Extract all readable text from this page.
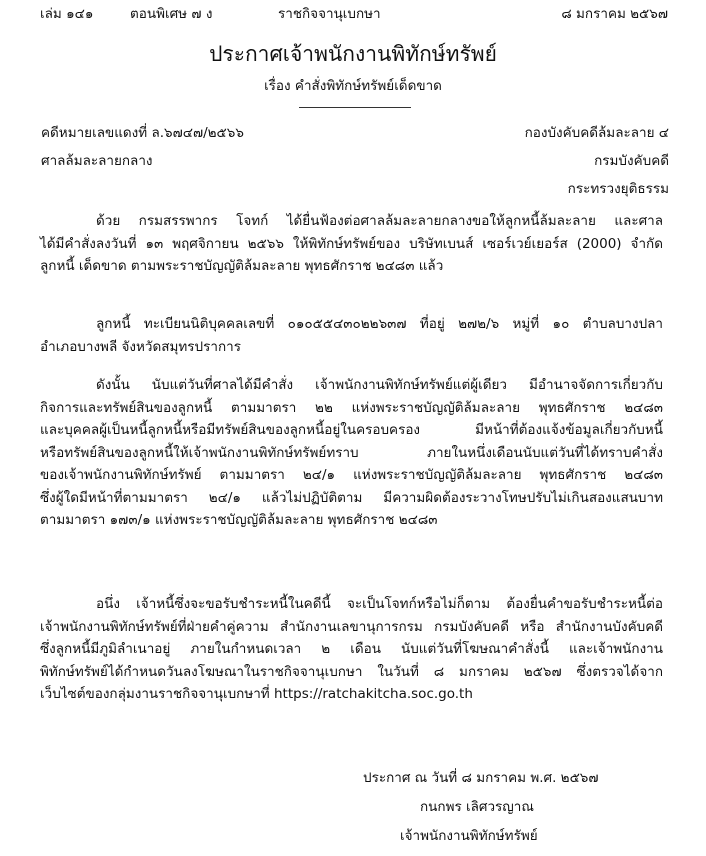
เล่ม ๑๔๑	ตอนพิเศษ ๗ ง	ราชกิจจานุเบกษา	๘ มกราคม ๒๕๖๗
ประกาศเจ้าพนักงานพิทักษ์ทรัพย์
เรื่อง คำสั่งพิทักษ์ทรัพย์เด็ดขาด
คดีหมายเลขแดงที่ ล.๖๗๔๗/๒๕๖๖
ศาลล้มละลายกลาง
กองบังคับคดีล้มละลาย ๔
กรมบังคับคดี
กระทรวงยุติธรรม
ด้วย กรมสรรพากร โจทก์ ได้ยื่นฟ้องต่อศาลล้มละลายกลางขอให้ลูกหนี้ล้มละลาย และศาล
ได้มีคำสั่งลงวันที่ ๑๓ พฤศจิกายน ๒๕๖๖ ให้พิทักษ์ทรัพย์ของ บริษัทเบนส์ เซอร์เวย์เยอร์ส (2000) จำกัด
ลูกหนี้ เด็ดขาด ตามพระราชบัญญัติล้มละลาย พุทธศักราช ๒๔๘๓ แล้ว
ลูกหนี้ ทะเบียนนิติบุคคลเลขที่ ๐๑๐๕๕๔๓๐๒๒๖๓๗ ที่อยู่ ๒๗๒/๖ หมู่ที่ ๑๐ ตำบลบางปลา
อำเภอบางพลี จังหวัดสมุทรปราการ
ดังนั้น นับแต่วันที่ศาลได้มีคำสั่ง เจ้าพนักงานพิทักษ์ทรัพย์แต่ผู้เดียว มีอำนาจจัดการเกี่ยวกับ
กิจการและทรัพย์สินของลูกหนี้ ตามมาตรา ๒๒ แห่งพระราชบัญญัติล้มละลาย พุทธศักราช ๒๔๘๓
และบุคคลผู้เป็นหนี้ลูกหนี้หรือมีทรัพย์สินของลูกหนี้อยู่ในครอบครอง มีหน้าที่ต้องแจ้งข้อมูลเกี่ยวกับหนี้
หรือทรัพย์สินของลูกหนี้ให้เจ้าพนักงานพิทักษ์ทรัพย์ทราบ ภายในหนึ่งเดือนนับแต่วันที่ได้ทราบคำสั่ง
ของเจ้าพนักงานพิทักษ์ทรัพย์ ตามมาตรา ๒๔/๑ แห่งพระราชบัญญัติล้มละลาย พุทธศักราช ๒๔๘๓
ซึ่งผู้ใดมีหน้าที่ตามมาตรา ๒๔/๑ แล้วไม่ปฏิบัติตาม มีความผิดต้องระวางโทษปรับไม่เกินสองแสนบาท
ตามมาตรา ๑๗๓/๑ แห่งพระราชบัญญัติล้มละลาย พุทธศักราช ๒๔๘๓
อนึ่ง เจ้าหนี้ซึ่งจะขอรับชำระหนี้ในคดีนี้ จะเป็นโจทก์หรือไม่ก็ตาม ต้องยื่นคำขอรับชำระหนี้ต่อ
เจ้าพนักงานพิทักษ์ทรัพย์ที่ฝ่ายคำคู่ความ สำนักงานเลขานุการกรม กรมบังคับคดี หรือ สำนักงานบังคับคดี
ซึ่งลูกหนี้มีภูมิลำเนาอยู่ ภายในกำหนดเวลา ๒ เดือน นับแต่วันที่โฆษณาคำสั่งนี้ และเจ้าพนักงาน
พิทักษ์ทรัพย์ได้กำหนดวันลงโฆษณาในราชกิจจานุเบกษา ในวันที่ ๘ มกราคม ๒๕๖๗ ซึ่งตรวจได้จาก
เว็บไซต์ของกลุ่มงานราชกิจจานุเบกษาที่ https://ratchakitcha.soc.go.th
ประกาศ ณ วันที่ ๘ มกราคม พ.ศ. ๒๕๖๗
กนกพร เลิศวรญาณ
เจ้าพนักงานพิทักษ์ทรัพย์
